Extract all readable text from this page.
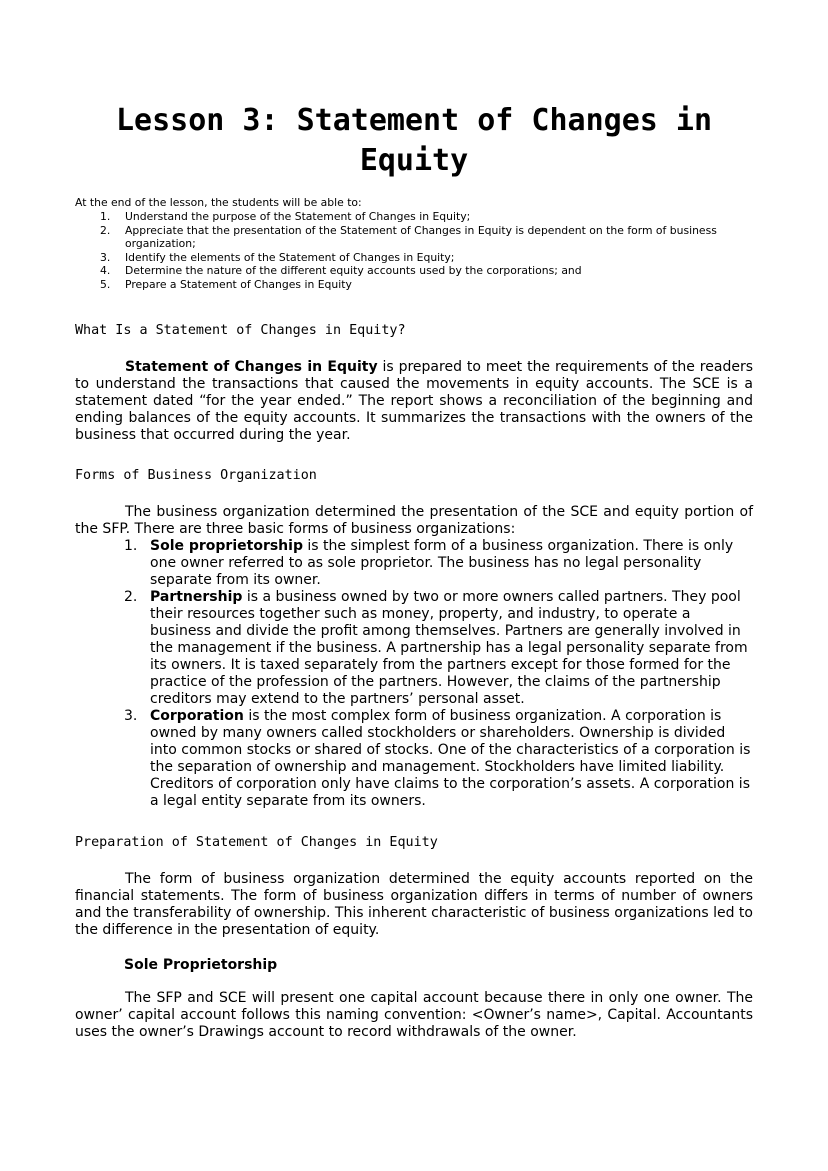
Lesson 3: Statement of Changes in Equity

At the end of the lesson, the students will be able to:

1.	Understand the purpose of the Statement of Changes in Equity;
2.	Appreciate that the presentation of the Statement of Changes in Equity is dependent on the form of business organization;
3.	Identify the elements of the Statement of Changes in Equity;
4.	Determine the nature of the different equity accounts used by the corporations; and
5.	Prepare a Statement of Changes in Equity
What Is a Statement of Changes in Equity?

Statement of Changes in Equity is prepared to meet the requirements of the readers to understand the transactions that caused the movements in equity accounts. The SCE is a statement dated “for the year ended.” The report shows a reconciliation of the beginning and ending balances of the equity accounts. It summarizes the transactions with the owners of the business that occurred during the year.

Forms of Business Organization

The business organization determined the presentation of the SCE and equity portion of the SFP. There are three basic forms of business organizations:

1. Sole proprietorship is the simplest form of a business organization. There is only one owner referred to as sole proprietor. The business has no legal personality separate from its owner.
2. Partnership is a business owned by two or more owners called partners. They pool their resources together such as money, property, and industry, to operate a business and divide the profit among themselves. Partners are generally involved in the management if the business. A partnership has a legal personality separate from its owners. It is taxed separately from the partners except for those formed for the practice of the profession of the partners. However, the claims of the partnership creditors may extend to the partners’ personal asset.
3. Corporation is the most complex form of business organization. A corporation is owned by many owners called stockholders or shareholders. Ownership is divided into common stocks or shared of stocks. One of the characteristics of a corporation is the separation of ownership and management. Stockholders have limited liability. Creditors of corporation only have claims to the corporation’s assets. A corporation is a legal entity separate from its owners.
Preparation of Statement of Changes in Equity

The form of business organization determined the equity accounts reported on the financial statements. The form of business organization differs in terms of number of owners and the transferability of ownership. This inherent characteristic of business organizations led to the difference in the presentation of equity.

Sole Proprietorship

The SFP and SCE will present one capital account because there in only one owner. The owner’ capital account follows this naming convention: <Owner’s name>, Capital. Accountants uses the owner’s Drawings account to record withdrawals of the owner.
